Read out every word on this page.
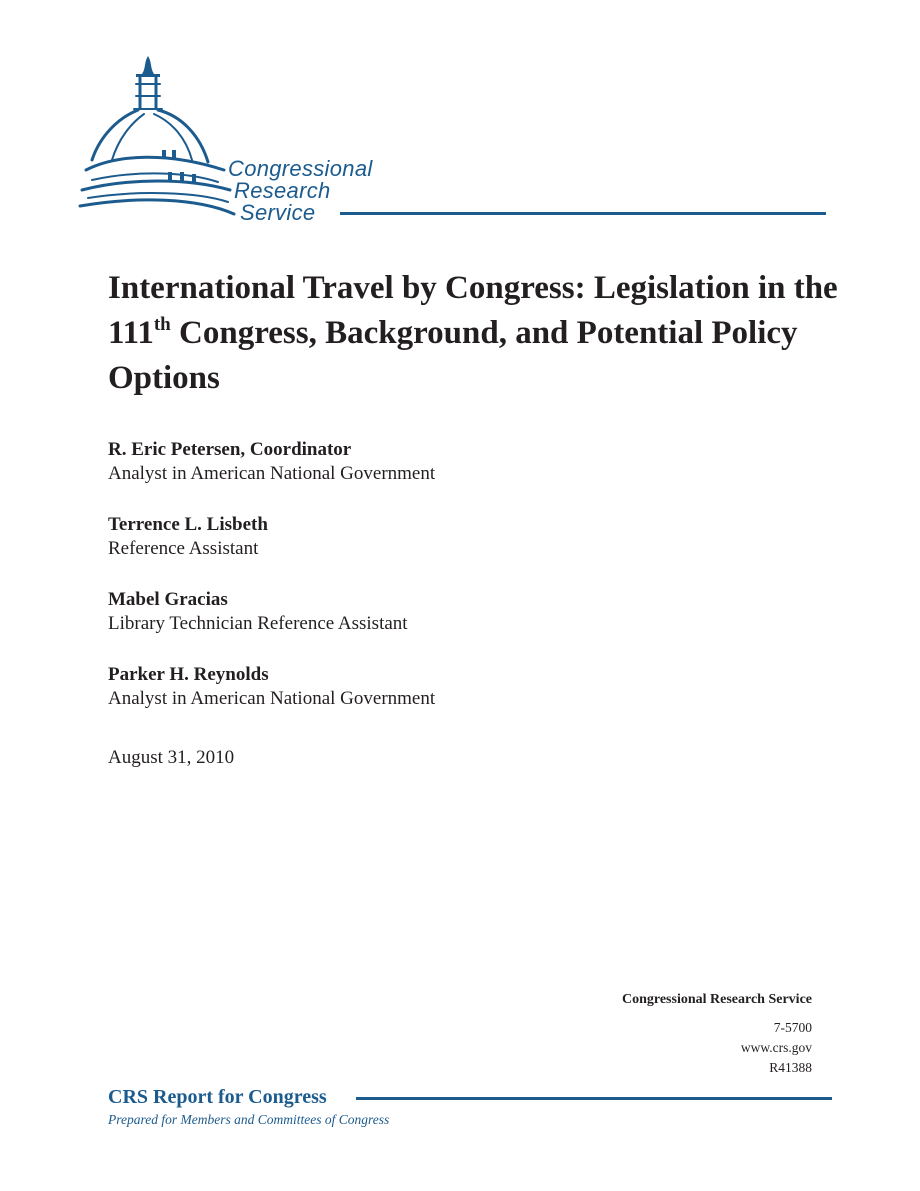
Congressional
Research
Service
International Travel by Congress: Legislation in the 111th Congress, Background, and Potential Policy Options
R. Eric Petersen, Coordinator
Analyst in American National Government
Terrence L. Lisbeth
Reference Assistant
Mabel Gracias
Library Technician Reference Assistant
Parker H. Reynolds
Analyst in American National Government
August 31, 2010
Congressional Research Service
7-5700
www.crs.gov
R41388
CRS Report for Congress
Prepared for Members and Committees of Congress
